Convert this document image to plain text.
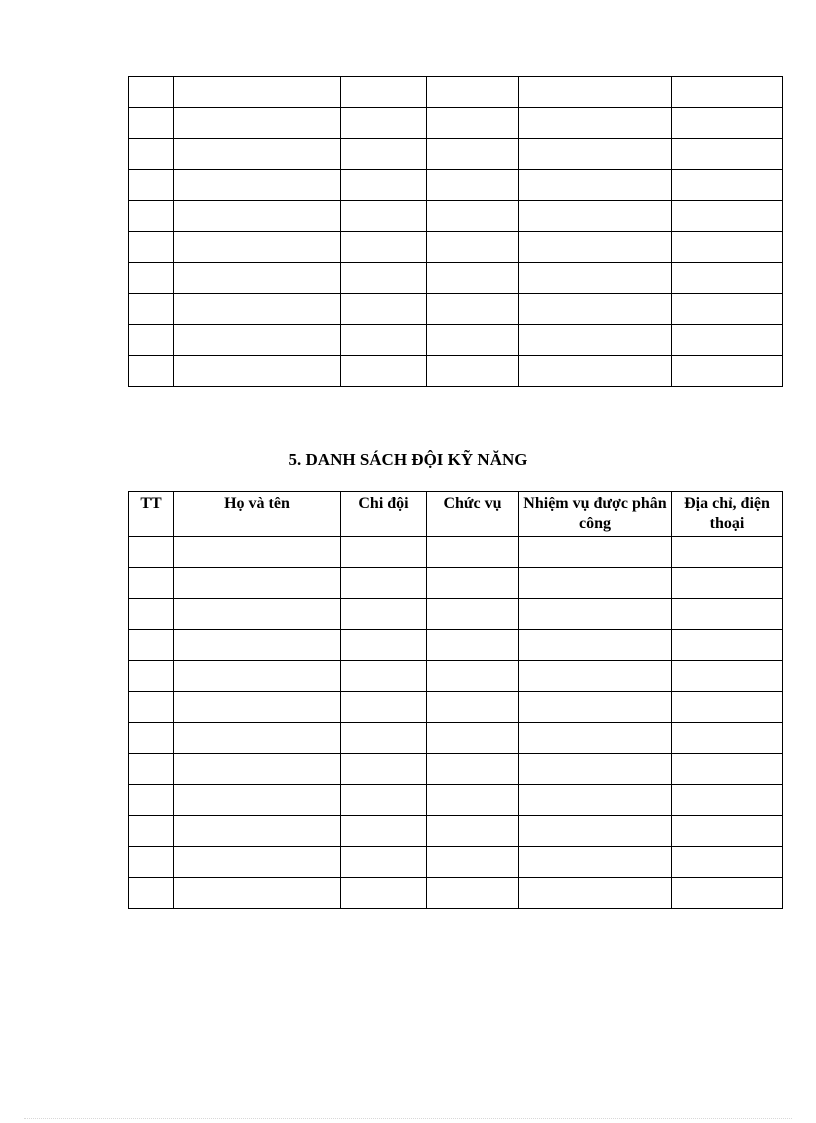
5. DANH SÁCH ĐỘI KỸ NĂNG
TT	Họ và tên	Chi đội	Chức vụ	Nhiệm vụ được phân công	Địa chỉ, điện thoại
